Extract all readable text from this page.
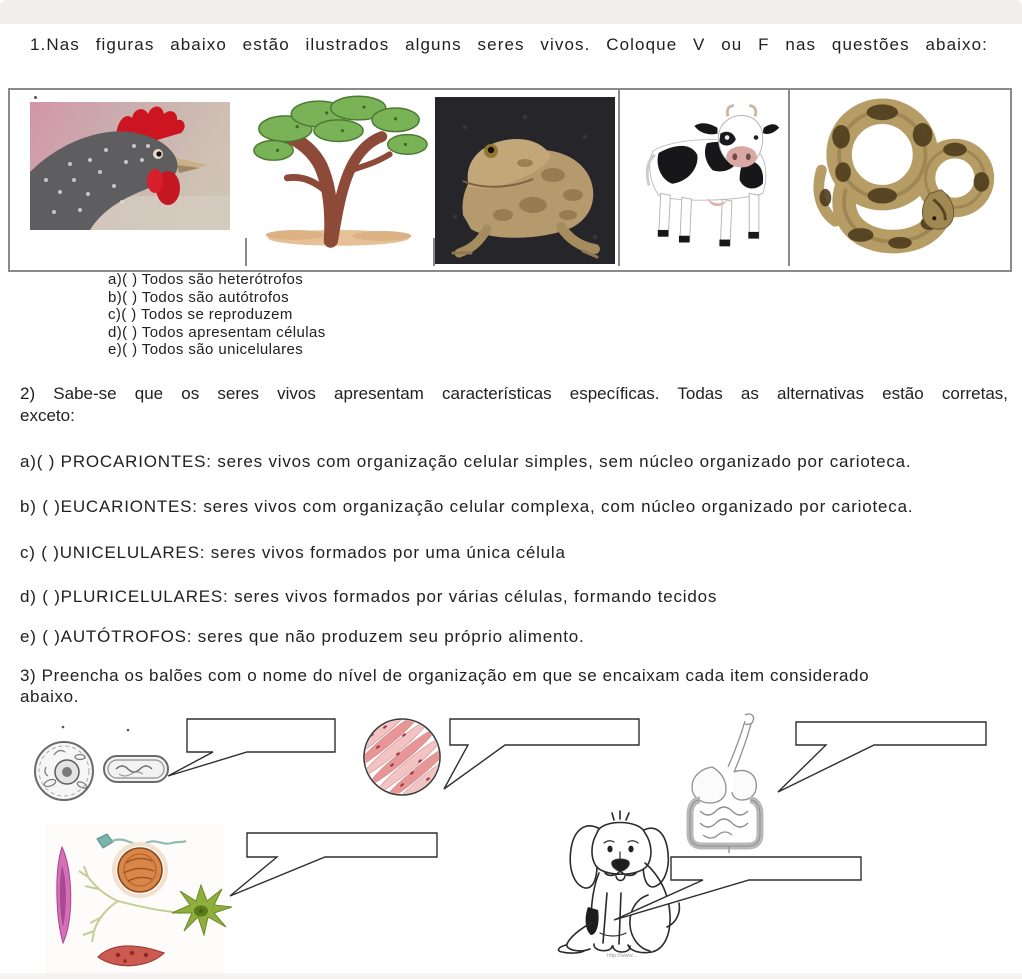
1.Nas figuras abaixo estão ilustrados alguns seres vivos. Coloque V ou F nas questões abaixo:
a)( ) Todos são heterótrofos
b)( ) Todos são autótrofos
c)( ) Todos se reproduzem
d)( ) Todos apresentam células
e)( ) Todos são unicelulares
2) Sabe-se que os seres vivos apresentam características específicas. Todas as alternativas estão corretas,
exceto:
a)( ) PROCARIONTES: seres vivos com organização celular simples, sem núcleo organizado por carioteca.
b) ( )EUCARIONTES: seres vivos com organização celular complexa, com núcleo organizado por carioteca.
c) ( )UNICELULARES: seres vivos formados por uma única célula
d) ( )PLURICELULARES: seres vivos formados por várias células, formando tecidos
e) ( )AUTÓTROFOS: seres que não produzem seu próprio alimento.
3) Preencha os balões com o nome do nível de organização em que se encaixam cada item considerado
abaixo.
http://www...
